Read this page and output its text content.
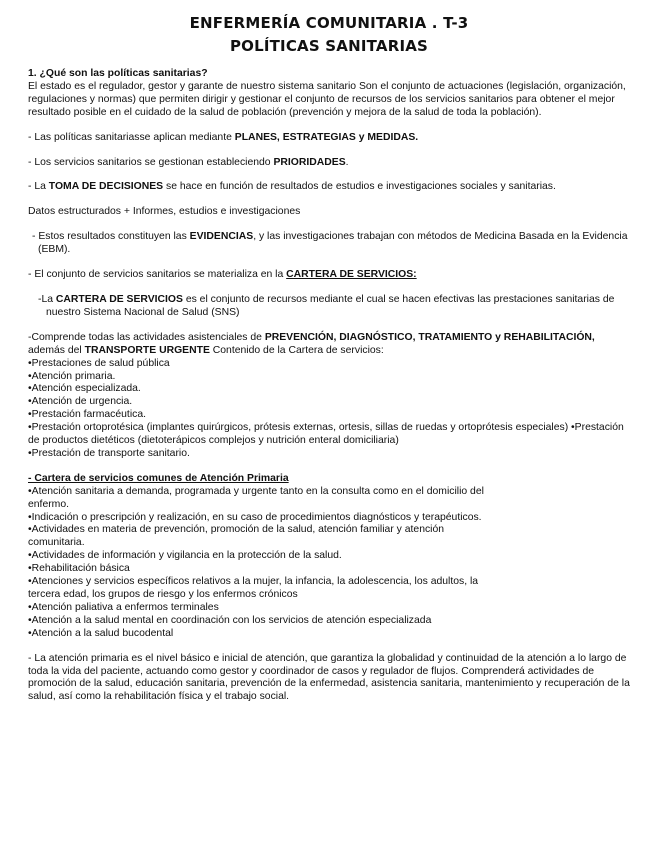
ENFERMERÍA COMUNITARIA . T-3
POLÍTICAS SANITARIAS

1. ¿Qué son las políticas sanitarias?

El estado es el regulador, gestor y garante de nuestro sistema sanitario Son el conjunto de actuaciones (legislación, organización, regulaciones y normas) que permiten dirigir y gestionar el conjunto de recursos de los servicios sanitarios para obtener el mejor resultado posible en el cuidado de la salud de población (prevención y mejora de la salud de toda la población).

- Las políticas sanitariasse aplican mediante PLANES, ESTRATEGIAS y MEDIDAS.

- Los servicios sanitarios se gestionan estableciendo PRIORIDADES.

- La TOMA DE DECISIONES se hace en función de resultados de estudios e investigaciones sociales y sanitarias.

Datos estructurados + Informes, estudios e investigaciones

- Estos resultados constituyen las EVIDENCIAS, y las investigaciones trabajan con métodos de Medicina Basada en la Evidencia (EBM).

- El conjunto de servicios sanitarios se materializa en la CARTERA DE SERVICIOS:

-La CARTERA DE SERVICIOS es el conjunto de recursos mediante el cual se hacen efectivas las prestaciones sanitarias de nuestro Sistema Nacional de Salud (SNS)

-Comprende todas las actividades asistenciales de PREVENCIÓN, DIAGNÓSTICO, TRATAMIENTO y REHABILITACIÓN, además del TRANSPORTE URGENTE Contenido de la Cartera de servicios:

•Prestaciones de salud pública
•Atención primaria.
•Atención especializada.
•Atención de urgencia.
•Prestación farmacéutica.
•Prestación ortoprotésica (implantes quirúrgicos, prótesis externas, ortesis, sillas de ruedas y ortoprótesis especiales) •Prestación de productos dietéticos (dietoterápicos complejos y nutrición enteral domiciliaria)
•Prestación de transporte sanitario.

- Cartera de servicios comunes de Atención Primaria

•Atención sanitaria a demanda, programada y urgente tanto en la consulta como en el domicilio del enfermo.
•Indicación o prescripción y realización, en su caso de procedimientos diagnósticos y terapéuticos.
•Actividades en materia de prevención, promoción de la salud, atención familiar y atención comunitaria.
•Actividades de información y vigilancia en la protección de la salud.
•Rehabilitación básica
•Atenciones y servicios específicos relativos a la mujer, la infancia, la adolescencia, los adultos, la tercera edad, los grupos de riesgo y los enfermos crónicos
•Atención paliativa a enfermos terminales
•Atención a la salud mental en coordinación con los servicios de atención especializada
•Atención a la salud bucodental

- La atención primaria es el nivel básico e inicial de atención, que garantiza la globalidad y continuidad de la atención a lo largo de toda la vida del paciente, actuando como gestor y coordinador de casos y regulador de flujos. Comprenderá actividades de promoción de la salud, educación sanitaria, prevención de la enfermedad, asistencia sanitaria, mantenimiento y recuperación de la salud, así como la rehabilitación física y el trabajo social.
